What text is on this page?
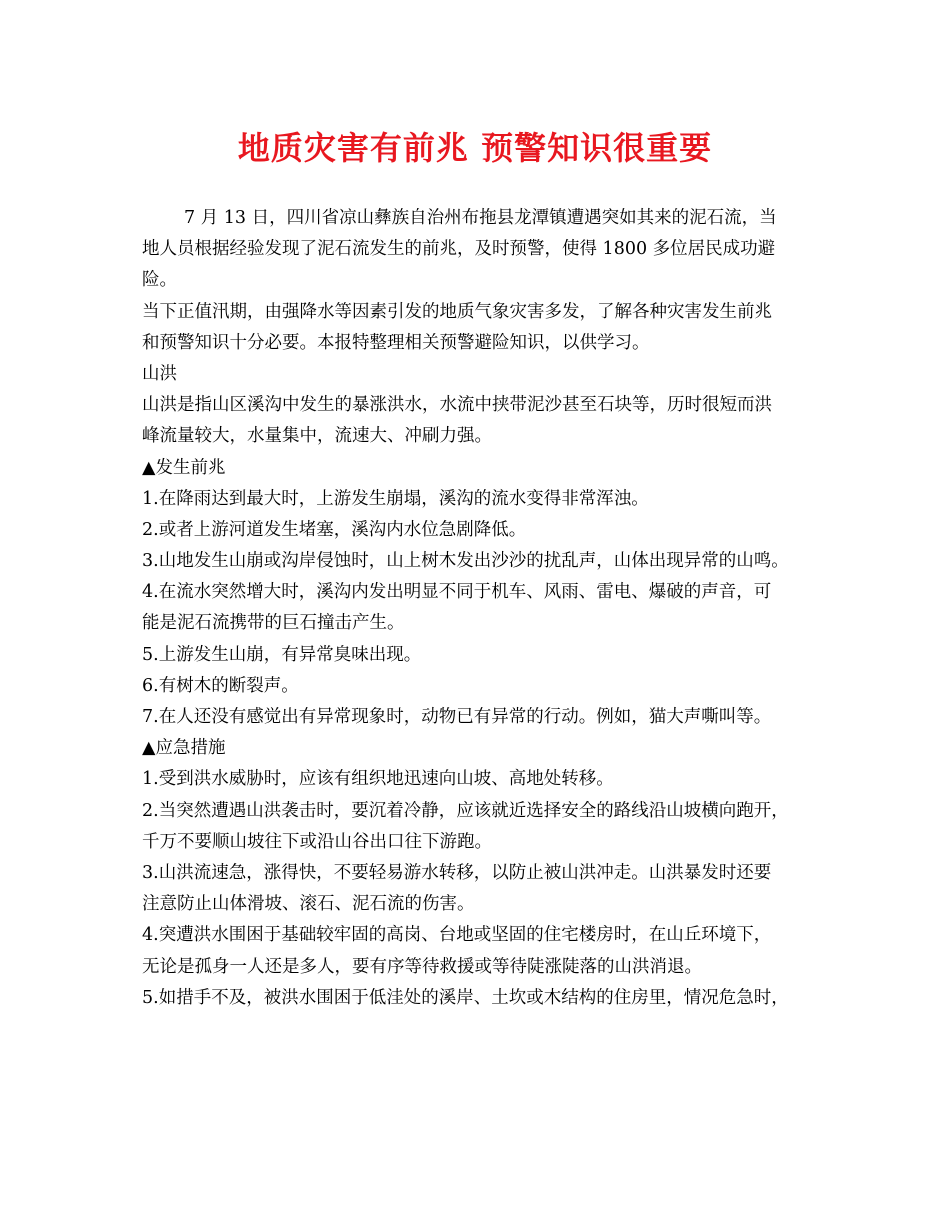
地质灾害有前兆 预警知识很重要

7 月 13 日，四川省凉山彝族自治州布拖县龙潭镇遭遇突如其来的泥石流，当

地人员根据经验发现了泥石流发生的前兆，及时预警，使得 1800 多位居民成功避

险。

当下正值汛期，由强降水等因素引发的地质气象灾害多发，了解各种灾害发生前兆

和预警知识十分必要。本报特整理相关预警避险知识，以供学习。

山洪

山洪是指山区溪沟中发生的暴涨洪水，水流中挟带泥沙甚至石块等，历时很短而洪

峰流量较大，水量集中，流速大、冲刷力强。

▲发生前兆

1.在降雨达到最大时，上游发生崩塌，溪沟的流水变得非常浑浊。

2.或者上游河道发生堵塞，溪沟内水位急剧降低。

3.山地发生山崩或沟岸侵蚀时，山上树木发出沙沙的扰乱声，山体出现异常的山鸣。

4.在流水突然增大时，溪沟内发出明显不同于机车、风雨、雷电、爆破的声音，可

能是泥石流携带的巨石撞击产生。

5.上游发生山崩，有异常臭味出现。

6.有树木的断裂声。

7.在人还没有感觉出有异常现象时，动物已有异常的行动。例如，猫大声嘶叫等。

▲应急措施

1.受到洪水威胁时，应该有组织地迅速向山坡、高地处转移。

2.当突然遭遇山洪袭击时，要沉着冷静，应该就近选择安全的路线沿山坡横向跑开，

千万不要顺山坡往下或沿山谷出口往下游跑。

3.山洪流速急，涨得快，不要轻易游水转移，以防止被山洪冲走。山洪暴发时还要

注意防止山体滑坡、滚石、泥石流的伤害。

4.突遭洪水围困于基础较牢固的高岗、台地或坚固的住宅楼房时，在山丘环境下，

无论是孤身一人还是多人，要有序等待救援或等待陡涨陡落的山洪消退。

5.如措手不及，被洪水围困于低洼处的溪岸、土坎或木结构的住房里，情况危急时，
